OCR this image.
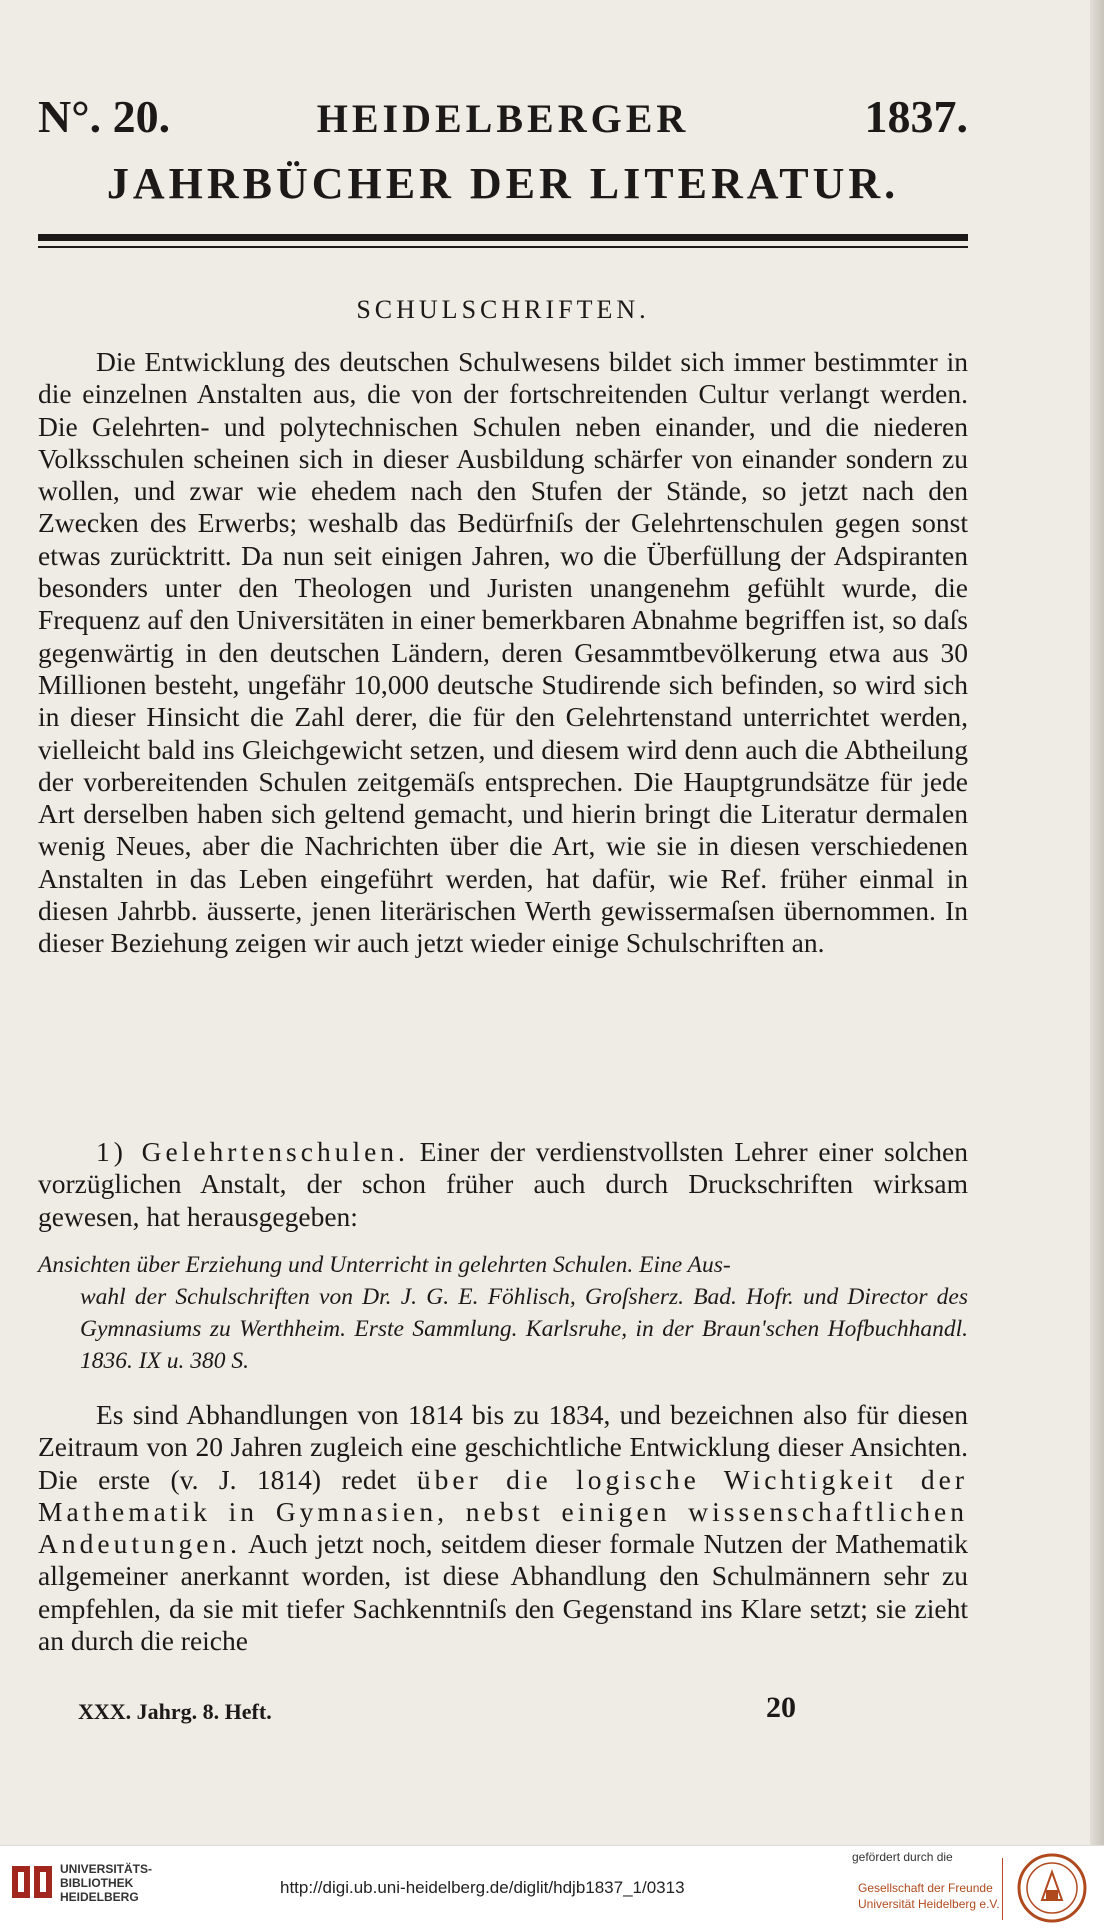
N°. 20.	HEIDELBERGER	1837.
JAHRBÜCHER DER LITERATUR.
SCHULSCHRIFTEN.

Die Entwicklung des deutschen Schulwesens bildet sich immer bestimmter in die einzelnen Anstalten aus, die von der fortschreitenden Cultur verlangt werden. Die Gelehrten- und polytechnischen Schulen neben einander, und die niederen Volksschulen scheinen sich in dieser Ausbildung schärfer von einander sondern zu wollen, und zwar wie ehedem nach den Stufen der Stände, so jetzt nach den Zwecken des Erwerbs; weshalb das Bedürfniſs der Gelehrtenschulen gegen sonst etwas zurücktritt. Da nun seit einigen Jahren, wo die Überfüllung der Adspiranten besonders unter den Theologen und Juristen unangenehm gefühlt wurde, die Frequenz auf den Universitäten in einer bemerkbaren Abnahme begriffen ist, so daſs gegenwärtig in den deutschen Ländern, deren Gesammtbevölkerung etwa aus 30 Millionen besteht, ungefähr 10,000 deutsche Studirende sich befinden, so wird sich in dieser Hinsicht die Zahl derer, die für den Gelehrtenstand unterrichtet werden, vielleicht bald ins Gleichgewicht setzen, und diesem wird denn auch die Abtheilung der vorbereitenden Schulen zeitgemäſs entsprechen. Die Hauptgrundsätze für jede Art derselben haben sich geltend gemacht, und hierin bringt die Literatur dermalen wenig Neues, aber die Nachrichten über die Art, wie sie in diesen verschiedenen Anstalten in das Leben eingeführt werden, hat dafür, wie Ref. früher einmal in diesen Jahrbb. äusserte, jenen literärischen Werth gewissermaſsen übernommen. In dieser Beziehung zeigen wir auch jetzt wieder einige Schulschriften an.

1) Gelehrtenschulen. Einer der verdienstvollsten Lehrer einer solchen vorzüglichen Anstalt, der schon früher auch durch Druckschriften wirksam gewesen, hat herausgegeben:
Ansichten über Erziehung und Unterricht in gelehrten Schulen. Eine Aus-
wahl der Schulschriften von Dr. J. G. E. Föhlisch, Groſsherz. Bad. Hofr. und Director des Gymnasiums zu Werthheim. Erste Sammlung. Karlsruhe, in der Braun'schen Hofbuchhandl. 1836. IX u. 380 S.
Es sind Abhandlungen von 1814 bis zu 1834, und bezeichnen also für diesen Zeitraum von 20 Jahren zugleich eine geschichtliche Entwicklung dieser Ansichten. Die erste (v. J. 1814) redet über die logische Wichtigkeit der Mathematik in Gymnasien, nebst einigen wissenschaftlichen Andeutungen. Auch jetzt noch, seitdem dieser formale Nutzen der Mathematik allgemeiner anerkannt worden, ist diese Abhandlung den Schulmännern sehr zu empfehlen, da sie mit tiefer Sachkenntniſs den Gegenstand ins Klare setzt; sie zieht an durch die reiche
XXX. Jahrg. 8. Heft.	20
UNIVERSITÄTS-
BIBLIOTHEK
HEIDELBERG	http://digi.ub.uni-heidelberg.de/diglit/hdjb1837_1/0313
gefördert durch die
Gesellschaft der Freunde
Universität Heidelberg e.V.
